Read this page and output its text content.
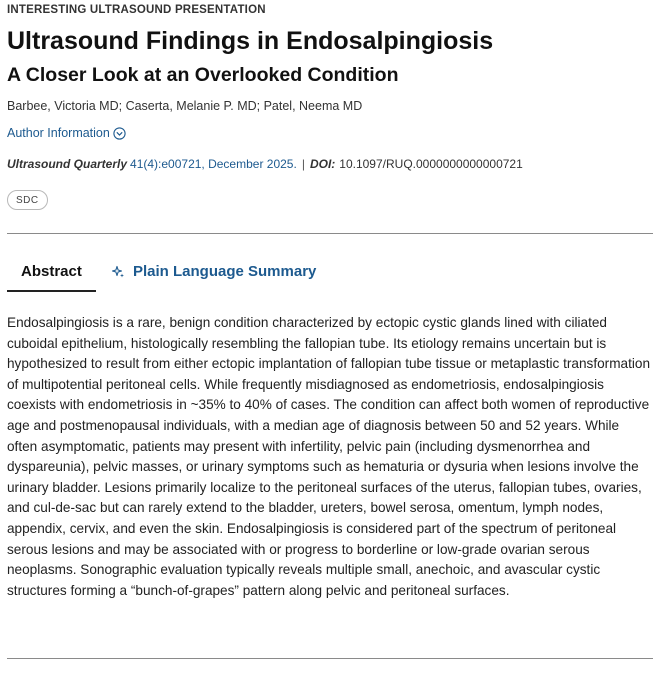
INTERESTING ULTRASOUND PRESENTATION
Ultrasound Findings in Endosalpingiosis
A Closer Look at an Overlooked Condition
Barbee, Victoria MD; Caserta, Melanie P. MD; Patel, Neema MD
Author Information
Ultrasound Quarterly 41(4):e00721, December 2025. | DOI: 10.1097/RUQ.0000000000000721
SDC
Abstract	Plain Language Summary

Endosalpingiosis is a rare, benign condition characterized by ectopic cystic glands lined with ciliated cuboidal epithelium, histologically resembling the fallopian tube. Its etiology remains uncertain but is hypothesized to result from either ectopic implantation of fallopian tube tissue or metaplastic transformation of multipotential peritoneal cells. While frequently misdiagnosed as endometriosis, endosalpingiosis coexists with endometriosis in ~35% to 40% of cases. The condition can affect both women of reproductive age and postmenopausal individuals, with a median age of diagnosis between 50 and 52 years. While often asymptomatic, patients may present with infertility, pelvic pain (including dysmenorrhea and dyspareunia), pelvic masses, or urinary symptoms such as hematuria or dysuria when lesions involve the urinary bladder. Lesions primarily localize to the peritoneal surfaces of the uterus, fallopian tubes, ovaries, and cul-de-sac but can rarely extend to the bladder, ureters, bowel serosa, omentum, lymph nodes, appendix, cervix, and even the skin. Endosalpingiosis is considered part of the spectrum of peritoneal serous lesions and may be associated with or progress to borderline or low-grade ovarian serous neoplasms. Sonographic evaluation typically reveals multiple small, anechoic, and avascular cystic structures forming a “bunch-of-grapes” pattern along pelvic and peritoneal surfaces.
